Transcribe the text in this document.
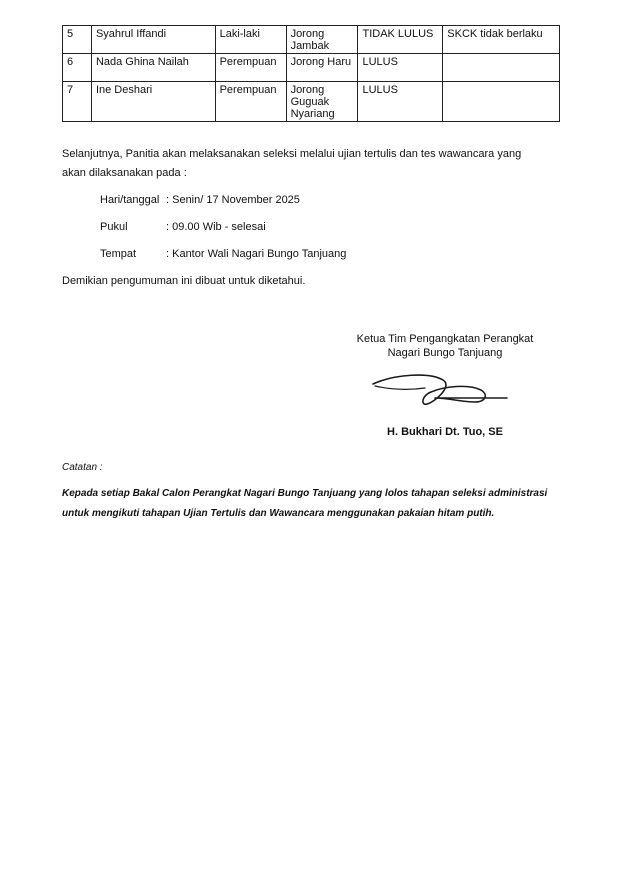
5	Syahrul Iffandi	Laki-laki	Jorong
Jambak	TIDAK LULUS	SKCK tidak berlaku
6	Nada Ghina Nailah	Perempuan	Jorong Haru	LULUS	
7	Ine Deshari	Perempuan	Jorong
Guguak
Nyariang	LULUS	
Selanjutnya, Panitia akan melaksanakan seleksi melalui ujian tertulis dan tes wawancara yang
akan dilaksanakan pada :
Hari/tanggal : Senin/ 17 November 2025
Pukul	: 09.00 Wib - selesai
Tempat	: Kantor Wali Nagari Bungo Tanjuang
Demikian pengumuman ini dibuat untuk diketahui.
Ketua Tim Pengangkatan Perangkat
Nagari Bungo Tanjuang
H. Bukhari Dt. Tuo, SE
Catatan :
Kepada setiap Bakal Calon Perangkat Nagari Bungo Tanjuang yang lolos tahapan seleksi administrasi
untuk mengikuti tahapan Ujian Tertulis dan Wawancara menggunakan pakaian hitam putih.
